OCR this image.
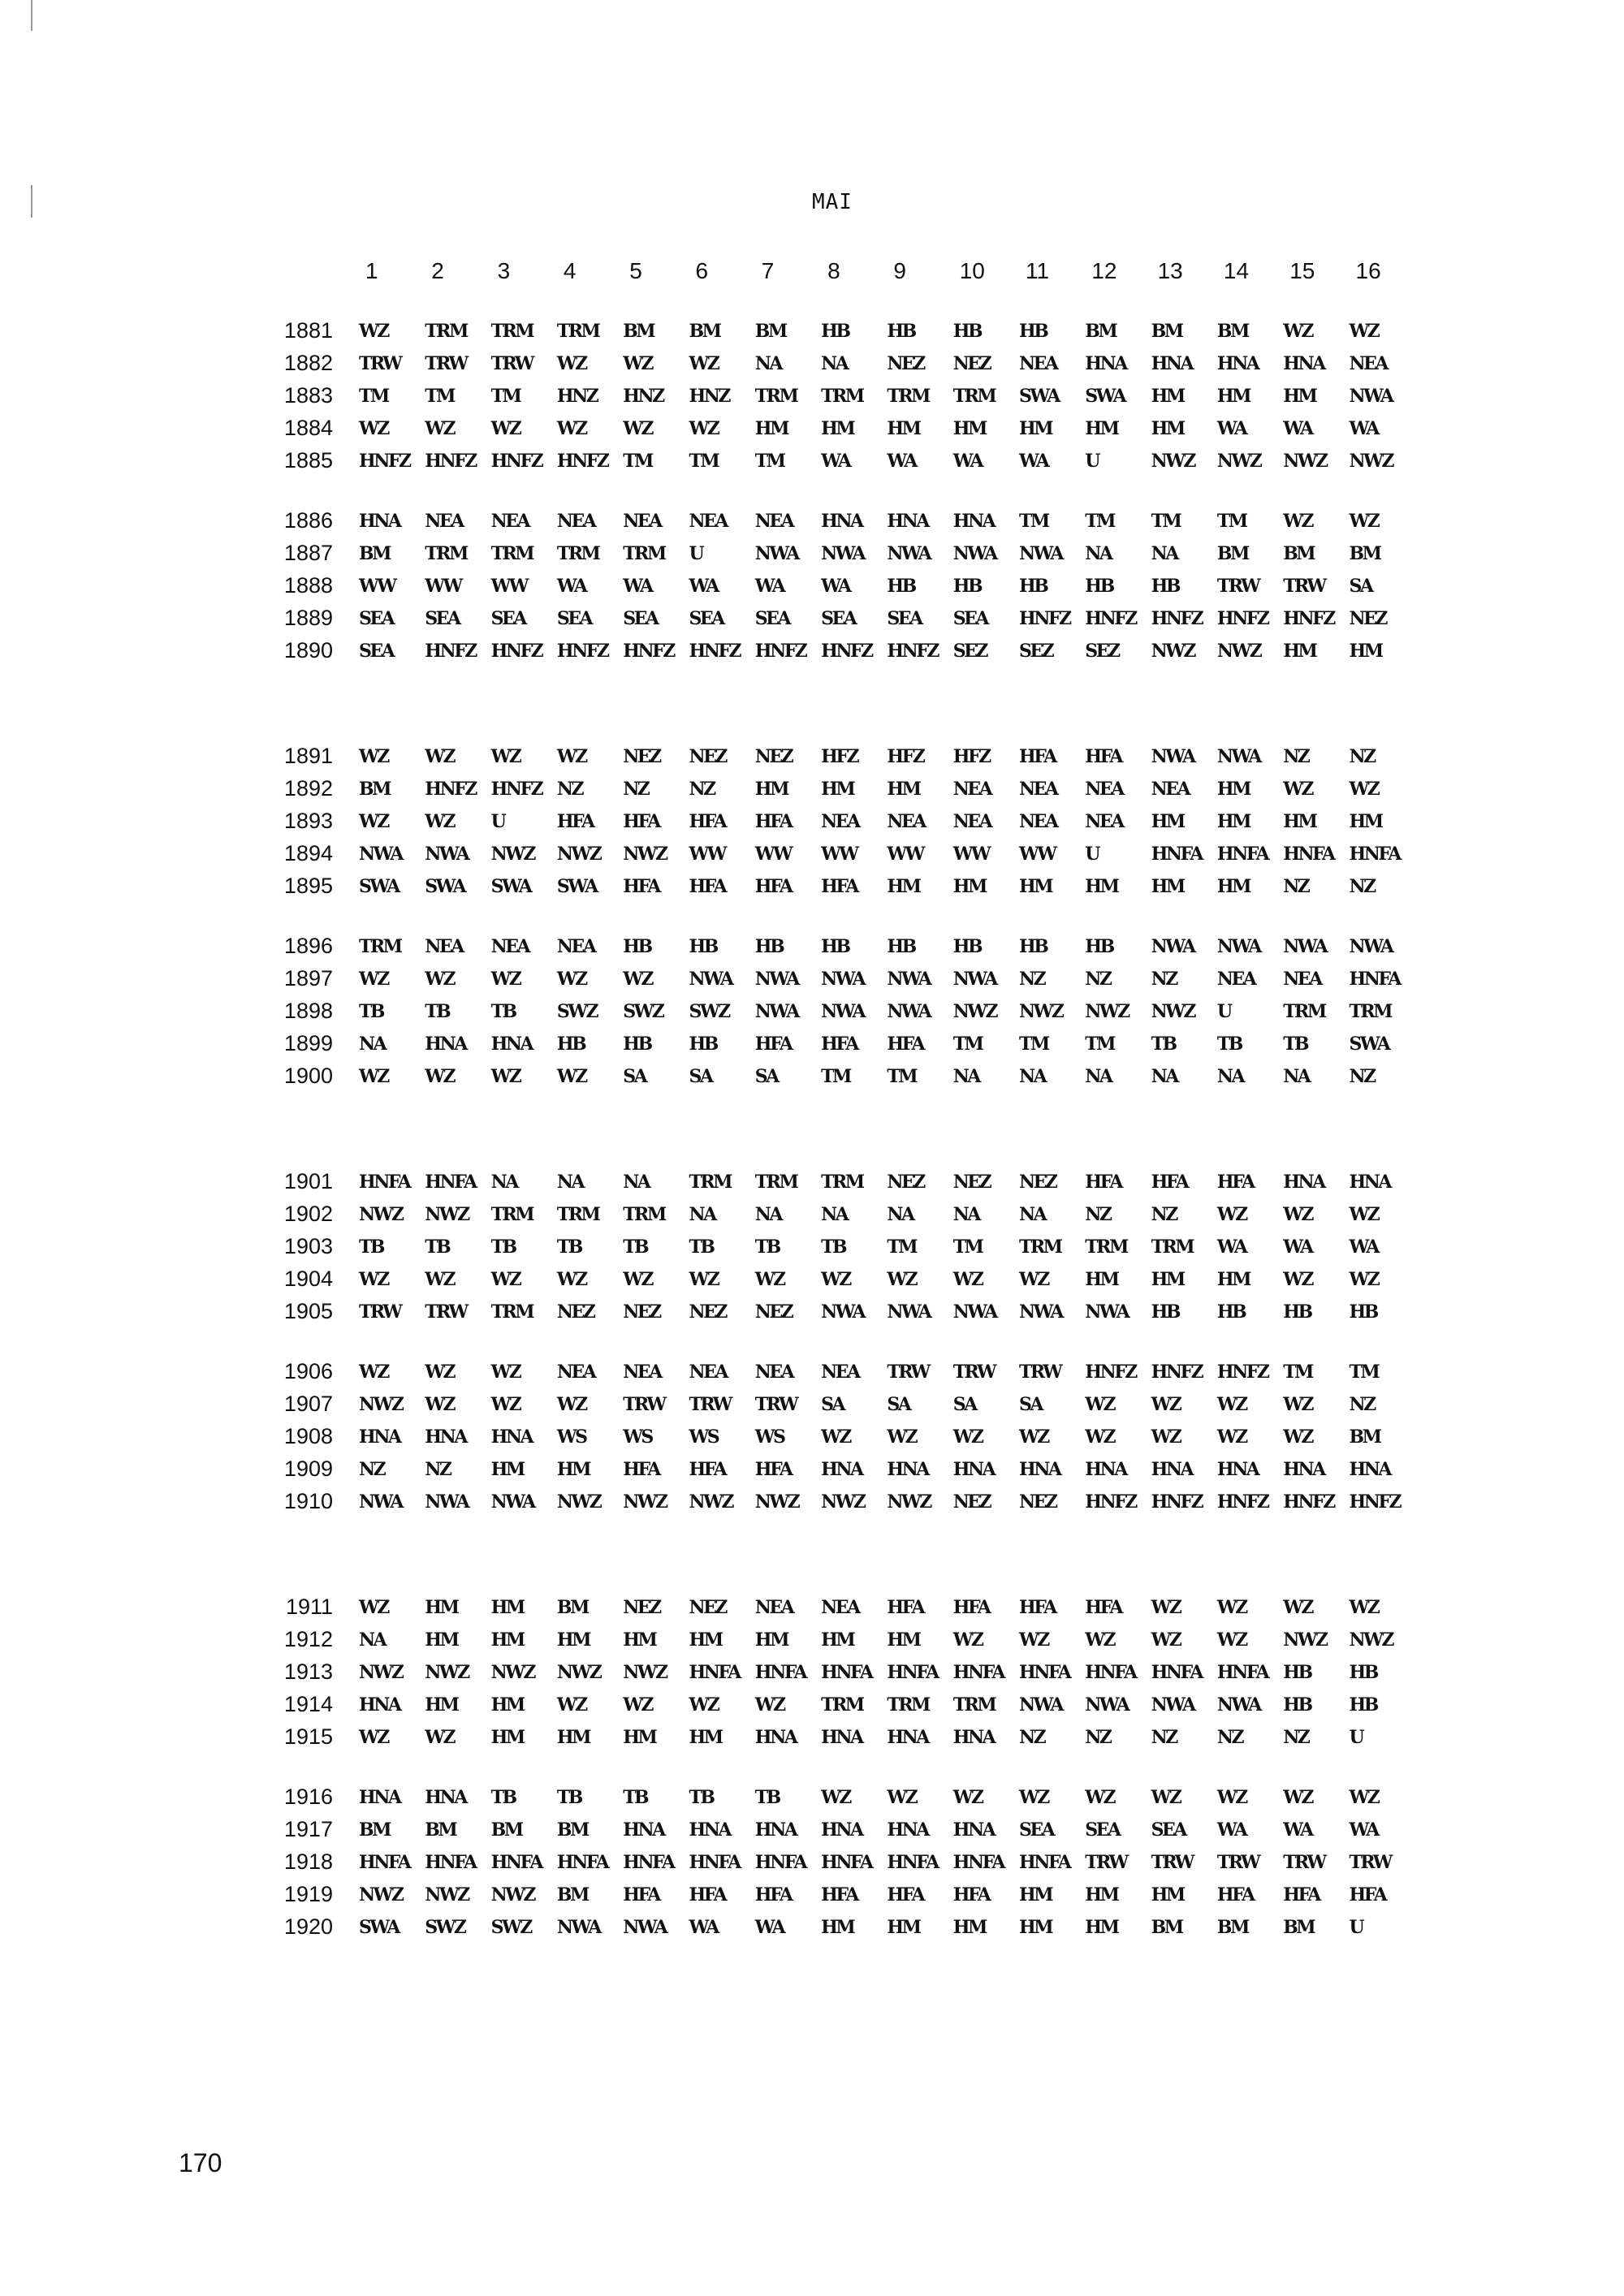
MAI
1 2 3 4 5 6 7 8 9 10 11 12 13 14 15 16
1881 WZ TRM TRM TRM BM BM BM HB HB HB HB BM BM BM WZ WZ
1882 TRW TRW TRW WZ WZ WZ NA NA NEZ NEZ NEA HNA HNA HNA HNA NEA
1883 TM TM TM HNZ HNZ HNZ TRM TRM TRM TRM SWA SWA HM HM HM NWA
1884 WZ WZ WZ WZ WZ WZ HM HM HM HM HM HM HM WA WA WA
1885 HNFZ HNFZ HNFZ HNFZ TM TM TM WA WA WA WA U	NWZ NWZ NWZ NWZ
1886 HNA NEA NEA NEA NEA NEA NEA HNA HNA HNA TM TM TM TM WZ WZ
1887 BM TRM TRM TRM TRM U	NWA NWA NWA NWA NWA NA NA BM BM BM
1888 WW WW WW WA WA WA WA WA HB HB HB HB HB TRW TRW SA
1889 SEA SEA SEA SEA SEA SEA SEA SEA SEA SEA HNFZ HNFZ HNFZ HNFZ HNFZ NEZ
1890 SEA HNFZ HNFZ HNFZ HNFZ HNFZ HNFZ HNFZ HNFZ SEZ SEZ SEZ NWZ NWZ HM HM
1891 WZ WZ WZ WZ NEZ NEZ NEZ HFZ HFZ HFZ HFA HFA NWA NWA NZ NZ
1892 BM HNFZ HNFZ NZ NZ NZ HM HM HM NEA NEA NEA NEA HM WZ WZ
1893 WZ WZ U	HFA HFA HFA HFA NEA NEA NEA NEA NEA HM HM HM HM
1894 NWA NWA NWZ NWZ NWZ WW WW WW WW WW WW U	HNFA HNFA HNFA HNFA
1895 SWA SWA SWA SWA HFA HFA HFA HFA HM HM HM HM HM HM NZ NZ
1896 TRM NEA NEA NEA HB HB HB HB HB HB HB HB NWA NWA NWA NWA
1897 WZ WZ WZ WZ WZ NWA NWA NWA NWA NWA NZ NZ NZ NEA NEA HNFA
1898 TB TB TB SWZ SWZ SWZ NWA NWA NWA NWZ NWZ NWZ NWZ U	TRM TRM
1899 NA HNA HNA HB HB HB HFA HFA HFA TM TM TM TB TB TB SWA
1900 WZ WZ WZ WZ SA SA SA TM TM NA NA NA NA NA NA NZ
1901 HNFA HNFA NA NA NA TRM TRM TRM NEZ NEZ NEZ HFA HFA HFA HNA HNA
1902 NWZ NWZ TRM TRM TRM NA NA NA NA NA NA NZ NZ WZ WZ WZ
1903 TB TB TB TB TB TB TB TB TM TM TRM TRM TRM WA WA WA
1904 WZ WZ WZ WZ WZ WZ WZ WZ WZ WZ WZ HM HM HM WZ WZ
1905 TRW TRW TRM NEZ NEZ NEZ NEZ NWA NWA NWA NWA NWA HB HB HB HB
1906 WZ WZ WZ NEA NEA NEA NEA NEA TRW TRW TRW HNFZ HNFZ HNFZ TM TM
1907 NWZ WZ WZ WZ TRW TRW TRW SA SA SA SA WZ WZ WZ WZ NZ
1908 HNA HNA HNA WS WS WS WS WZ WZ WZ WZ WZ WZ WZ WZ BM
1909 NZ NZ HM HM HFA HFA HFA HNA HNA HNA HNA HNA HNA HNA HNA HNA
1910 NWA NWA NWA NWZ NWZ NWZ NWZ NWZ NWZ NEZ NEZ HNFZ HNFZ HNFZ HNFZ HNFZ
1911 WZ HM HM BM NEZ NEZ NEA NEA HFA HFA HFA HFA WZ WZ WZ WZ
1912 NA HM HM HM HM HM HM HM HM WZ WZ WZ WZ WZ NWZ NWZ
1913 NWZ NWZ NWZ NWZ NWZ HNFA HNFA HNFA HNFA HNFA HNFA HNFA HNFA HNFA HB HB
1914 HNA HM HM WZ WZ WZ WZ TRM TRM TRM NWA NWA NWA NWA HB HB
1915 WZ WZ HM HM HM HM HNA HNA HNA HNA NZ NZ NZ NZ NZ U
1916 HNA HNA TB TB TB TB TB WZ WZ WZ WZ WZ WZ WZ WZ WZ
1917 BM BM BM BM HNA HNA HNA HNA HNA HNA SEA SEA SEA WA WA WA
1918 HNFA HNFA HNFA HNFA HNFA HNFA HNFA HNFA HNFA HNFA HNFA TRW TRW TRW TRW TRW
1919 NWZ NWZ NWZ BM HFA HFA HFA HFA HFA HFA HM HM HM HFA HFA HFA
1920 SWA SWZ SWZ NWA NWA WA WA HM HM HM HM HM BM BM BM U
170
